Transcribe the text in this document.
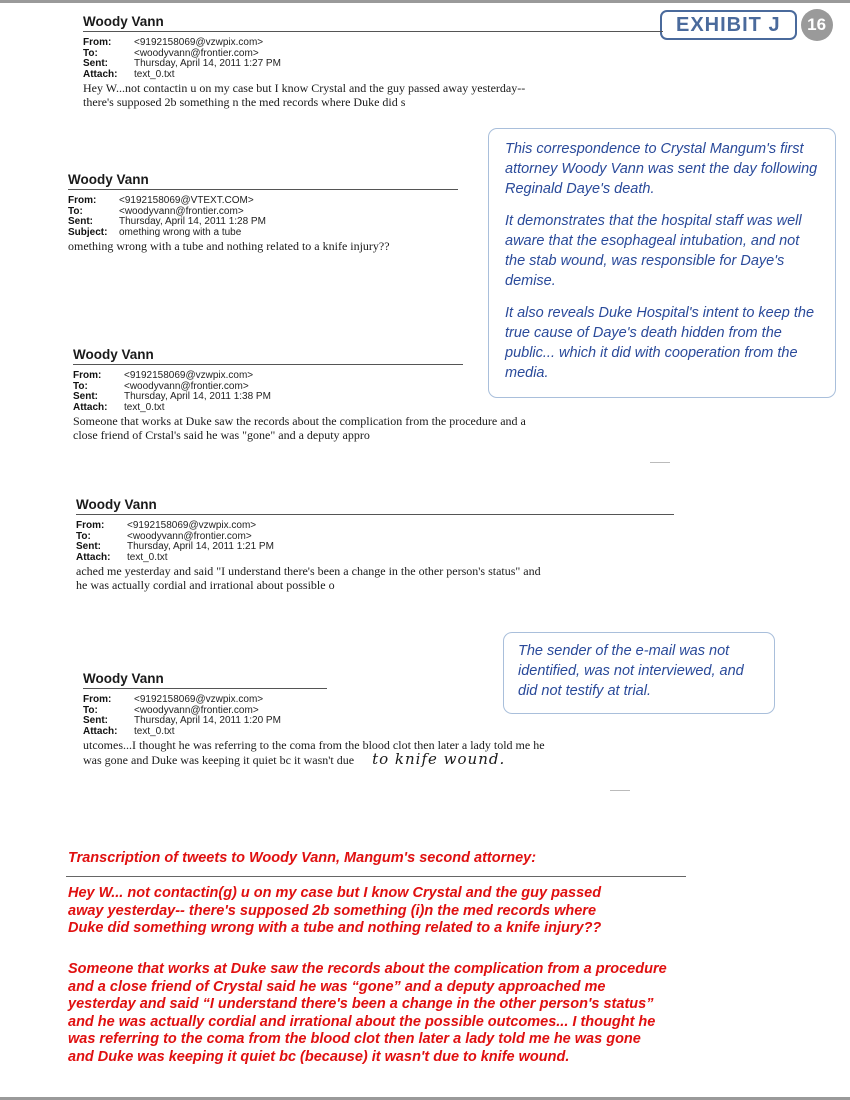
EXHIBIT J	16
Woody Vann
From:	<9192158069@vzwpix.com>
To:	<woodyvann@frontier.com>
Sent:	Thursday, April 14, 2011 1:27 PM
Attach:	text_0.txt
Hey W...not contactin u on my case but I know Crystal and the guy passed away yesterday--
there's supposed 2b something n the med records where Duke did s
Woody Vann
From:	<9192158069@VTEXT.COM>
To:	<woodyvann@frontier.com>
Sent:	Thursday, April 14, 2011 1:28 PM
Subject:	omething wrong with a tube
omething wrong with a tube and nothing related to a knife injury??

This correspondence to Crystal Mangum's first attorney Woody Vann was sent the day following Reginald Daye's death.

It demonstrates that the hospital staff was well aware that the esophageal intubation, and not the stab wound, was responsible for Daye's demise.

It also reveals Duke Hospital's intent to keep the true cause of Daye's death hidden from the public... which it did with cooperation from the media.

Woody Vann
From:	<9192158069@vzwpix.com>
To:	<woodyvann@frontier.com>
Sent:	Thursday, April 14, 2011 1:38 PM
Attach:	text_0.txt
Someone that works at Duke saw the records about the complication from the procedure and a
close friend of Crstal's said he was "gone" and a deputy appro
Woody Vann
From:	<9192158069@vzwpix.com>
To:	<woodyvann@frontier.com>
Sent:	Thursday, April 14, 2011 1:21 PM
Attach:	text_0.txt
ached me yesterday and said "I understand there's been a change in the other person's status" and
he was actually cordial and irrational about possible o

The sender of the e-mail was not identified, was not interviewed, and did not testify at trial.

Woody Vann
From:	<9192158069@vzwpix.com>
To:	<woodyvann@frontier.com>
Sent:	Thursday, April 14, 2011 1:20 PM
Attach:	text_0.txt
utcomes...I thought he was referring to the coma from the blood clot then later a lady told me he
was gone and Duke was keeping it quiet bc it wasn't due to knife wound.
Transcription of tweets to Woody Vann, Mangum's second attorney:
Hey W... not contactin(g) u on my case but I know Crystal and the guy passed
away yesterday-- there's supposed 2b something (i)n the med records where
Duke did something wrong with a tube and nothing related to a knife injury??
Someone that works at Duke saw the records about the complication from a procedure
and a close friend of Crystal said he was “gone” and a deputy approached me
yesterday and said “I understand there's been a change in the other person's status”
and he was actually cordial and irrational about the possible outcomes... I thought he
was referring to the coma from the blood clot then later a lady told me he was gone
and Duke was keeping it quiet bc (because) it wasn't due to knife wound.
